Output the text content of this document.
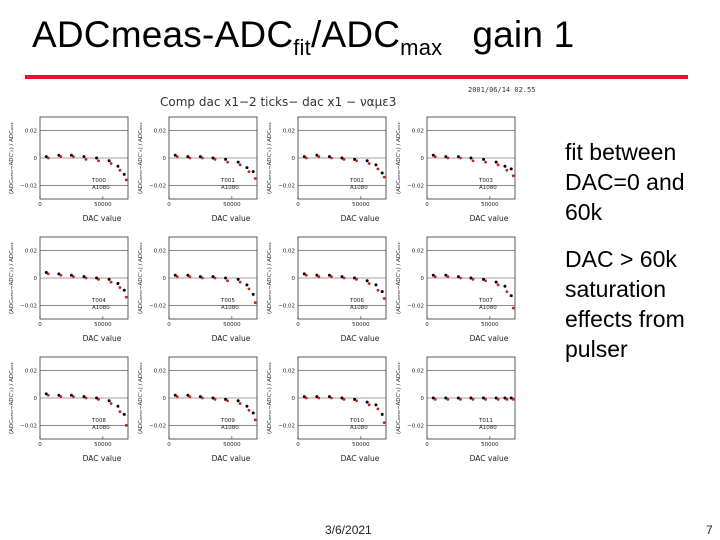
ADCmeas-$ADC_{fit}/ADC_{max}$ gain 1
Comp dac x1−2 ticks− dac x1 − ναμε3
2001/06/14 02.55
0.02
0
−0.02
0	50000
DAC value
(ADCₘₑₐₛ−ADCᶠᵢₜ) / ADCₘₐₓ	T000
A1080
0.02
0
−0.02
0	50000
DAC value
(ADCₘₑₐₛ−ADCᶠᵢₜ) / ADCₘₐₓ	T001
A1080
0.02
0
−0.02
0	50000
DAC value
(ADCₘₑₐₛ−ADCᶠᵢₜ) / ADCₘₐₓ	T002
A1080
0.02
0
−0.02
0	50000
DAC value
(ADCₘₑₐₛ−ADCᶠᵢₜ) / ADCₘₐₓ	T003
A1080
0.02
0
−0.02
0	50000
DAC value
(ADCₘₑₐₛ−ADCᶠᵢₜ) / ADCₘₐₓ	T004
A1080
0.02
0
−0.02
0	50000
DAC value
(ADCₘₑₐₛ−ADCᶠᵢₜ) / ADCₘₐₓ	T005
A1080
0.02
0
−0.02
0	50000
DAC value
(ADCₘₑₐₛ−ADCᶠᵢₜ) / ADCₘₐₓ	T006
A1080
0.02
0
−0.02
0	50000
DAC value
(ADCₘₑₐₛ−ADCᶠᵢₜ) / ADCₘₐₓ	T007
A1080
0.02
0
−0.02
0	50000
DAC value
(ADCₘₑₐₛ−ADCᶠᵢₜ) / ADCₘₐₓ	T008
A1080
0.02
0
−0.02
0	50000
DAC value
(ADCₘₑₐₛ−ADCᶠᵢₜ) / ADCₘₐₓ	T009
A1080
0.02
0
−0.02
0	50000
DAC value
(ADCₘₑₐₛ−ADCᶠᵢₜ) / ADCₘₐₓ	T010
A1080
0.02
0
−0.02
0	50000
DAC value
(ADCₘₑₐₛ−ADCᶠᵢₜ) / ADCₘₐₓ	T011
A1080
fit between DAC=0 and 60k
DAC > 60k saturation effects from pulser
3/6/2021	7
